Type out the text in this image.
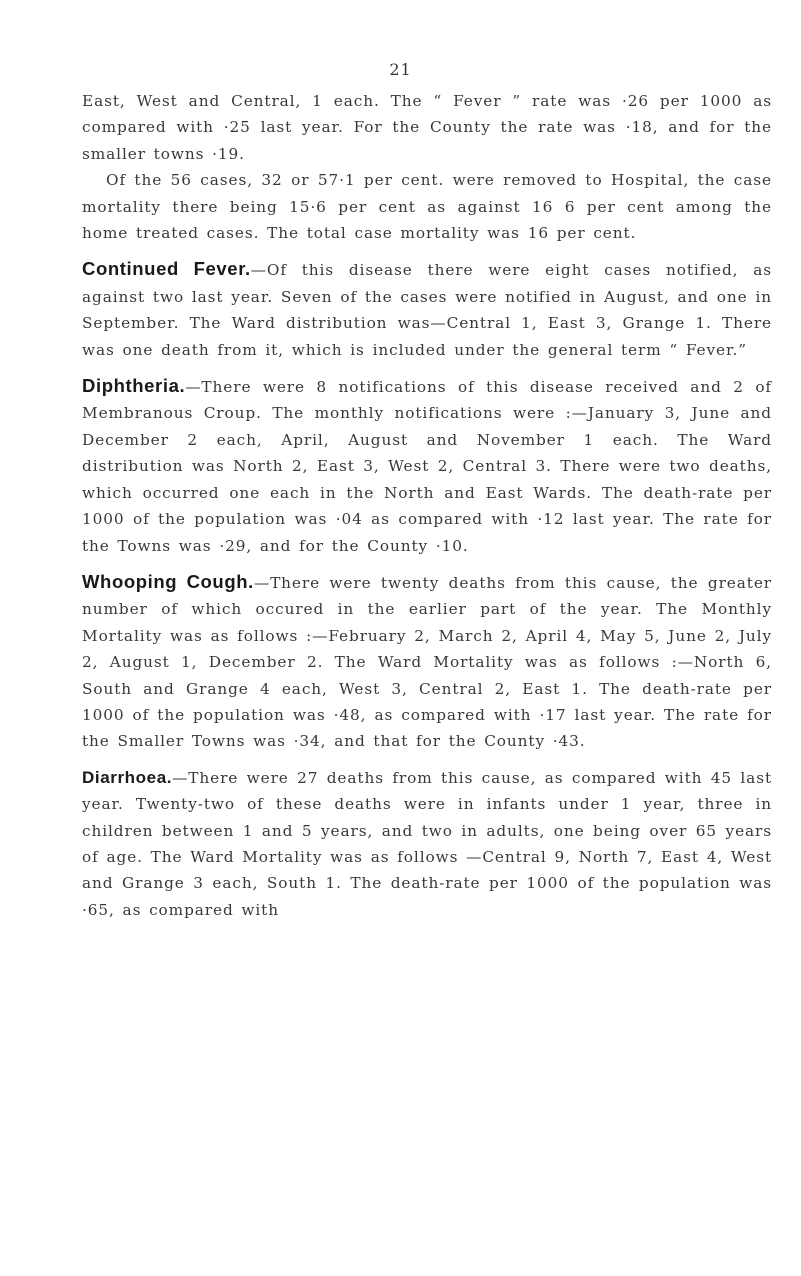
21

East, West and Central, 1 each. The “ Fever ” rate was ·26 per 1000 as compared with ·25 last year. For the County the rate was ·18, and for the smaller towns ·19.

Of the 56 cases, 32 or 57·1 per cent. were removed to Hospital, the case mortality there being 15·6 per cent as against 16 6 per cent among the home treated cases. The total case mortality was 16 per cent.

Continued Fever.—Of this disease there were eight cases notified, as against two last year. Seven of the cases were notified in August, and one in September. The Ward distribution was—Central 1, East 3, Grange 1. There was one death from it, which is included under the general term “ Fever.”

Diphtheria.—There were 8 notifications of this disease received and 2 of Membranous Croup. The monthly notifications were :—January 3, June and December 2 each, April, August and November 1 each. The Ward distribution was North 2, East 3, West 2, Central 3. There were two deaths, which occurred one each in the North and East Wards. The death-rate per 1000 of the population was ·04 as compared with ·12 last year. The rate for the Towns was ·29, and for the County ·10.

Whooping Cough.—There were twenty deaths from this cause, the greater number of which occured in the earlier part of the year. The Monthly Mortality was as follows :—February 2, March 2, April 4, May 5, June 2, July 2, August 1, December 2. The Ward Mortality was as follows :—North 6, South and Grange 4 each, West 3, Central 2, East 1. The death-rate per 1000 of the population was ·48, as compared with ·17 last year. The rate for the Smaller Towns was ·34, and that for the County ·43.

Diarrhoea.—There were 27 deaths from this cause, as compared with 45 last year. Twenty-two of these deaths were in infants under 1 year, three in children between 1 and 5 years, and two in adults, one being over 65 years of age. The Ward Mortality was as follows —Central 9, North 7, East 4, West and Grange 3 each, South 1. The death-rate per 1000 of the population was ·65, as compared with
